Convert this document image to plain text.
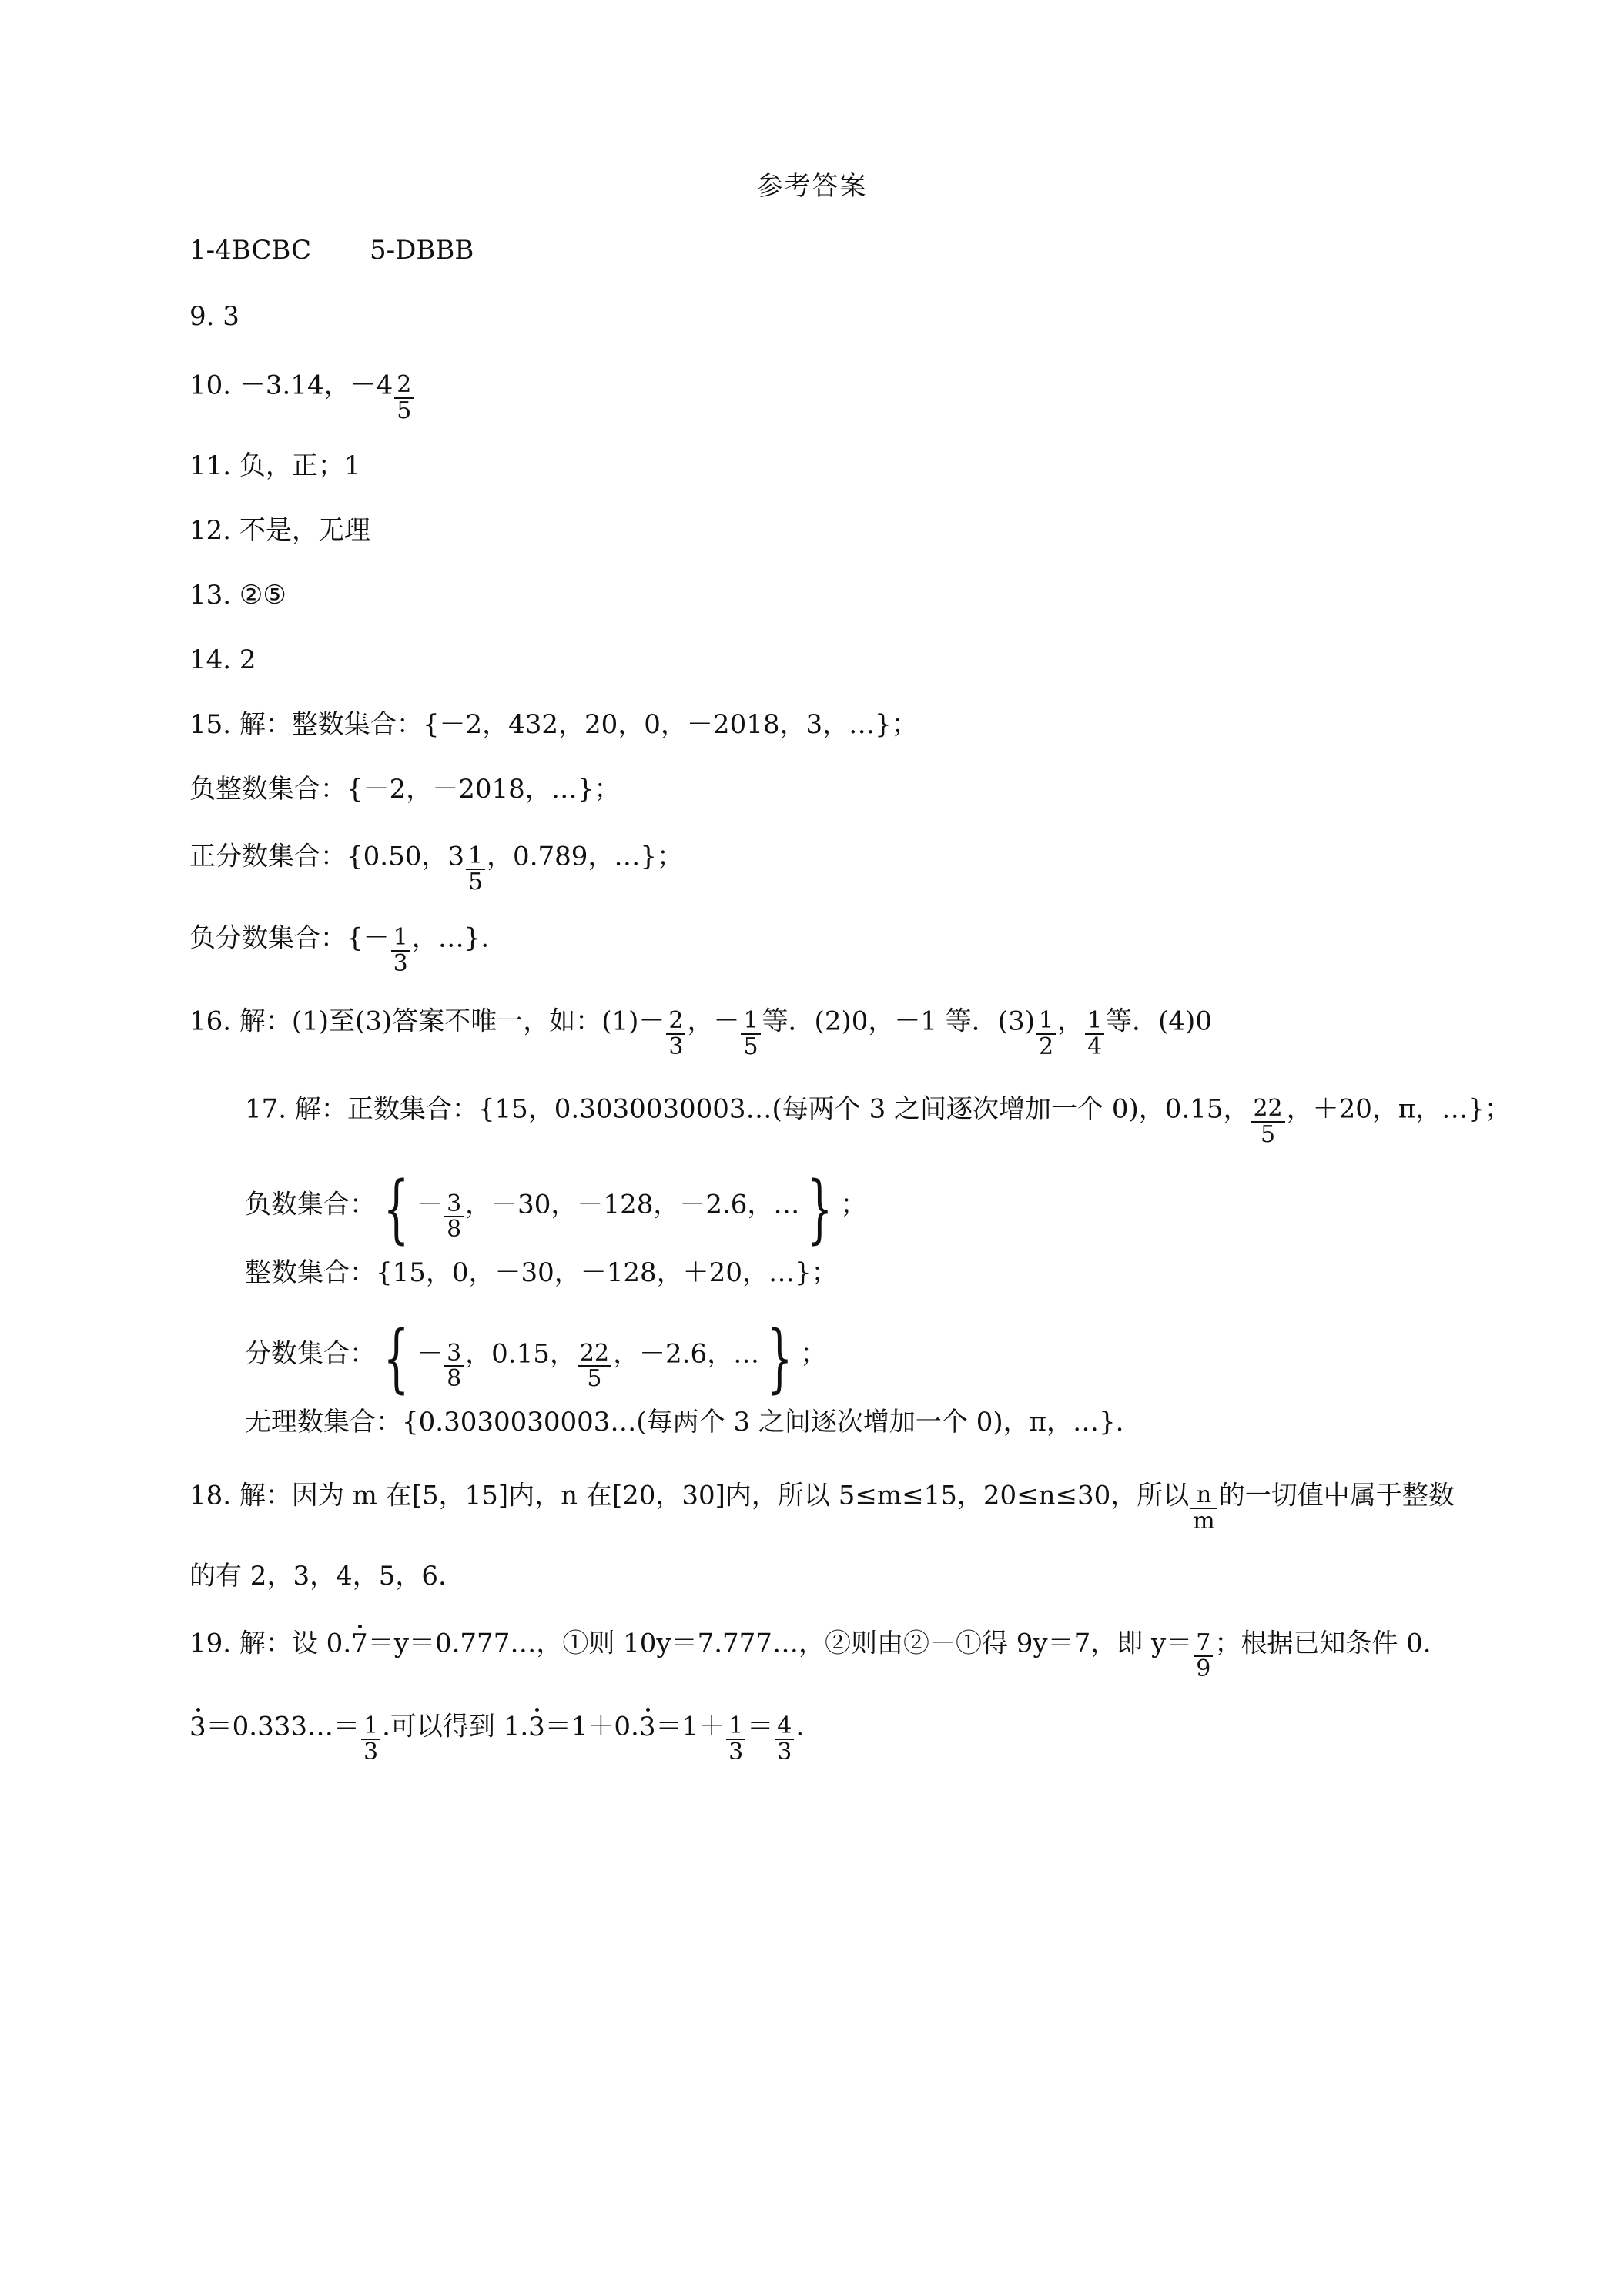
参考答案
1-4BCBC 5-DBBB
9. 3
10. －3.14，$-4 \frac{2}{5}$
11. 负，正；1
12. 不是，无理
13. ②⑤
14. 2
15. 解：整数集合：{－2，432，20，0，－2018，3，…}；
负整数集合：{－2，－2018，…}；
正分数集合：{0.50，$3 \frac{1}{5}$ ，0.789，…}；
负分数集合：{－ $\frac{1}{3}$ ，…}.
16. 解：(1)至(3)答案不唯一，如：$(1)- \frac{2}{3}$ ，－ $\frac{1}{5}$ 等．(2)0，－1 等．$(3) \frac{1}{2}$ ， $\frac{1}{4}$ 等．(4)0
17. 解：正数集合：{15，0.3030030003…(每两个 3 之间逐次增加一个 0)，0.15， $\frac{22}{5}$ ，＋20，π，…}；
负数集合： { － $\frac{3}{8}$ ，－30，－128，－2.6，… } ；
整数集合：{15，0，－30，－128，＋20，…}；
分数集合： { － $\frac{3}{8}$ ，0.15， $\frac{22}{5}$ ，－2.6，… } ；
无理数集合：{0.3030030003…(每两个 3 之间逐次增加一个 0)，π，…}.
18. 解：因为 m 在[5，15]内，n 在[20，30]内，所以 5≤m≤15，20≤n≤30，所以 $\frac{n}{m}$ 的一切值中属于整数
的有 2，3，4，5，6.
19. 解：设 0.7＝y＝0.777…，①则 10y＝7.777…，②则由②－①得 9y＝7，即 $y= \frac{7}{9}$ ；根据已知条件 0.
3＝0.333…＝ $\frac{1}{3}$ .可以得到 $1.3=1+0.3=1+ \frac{1}{3} = \frac{4}{3}$ .
